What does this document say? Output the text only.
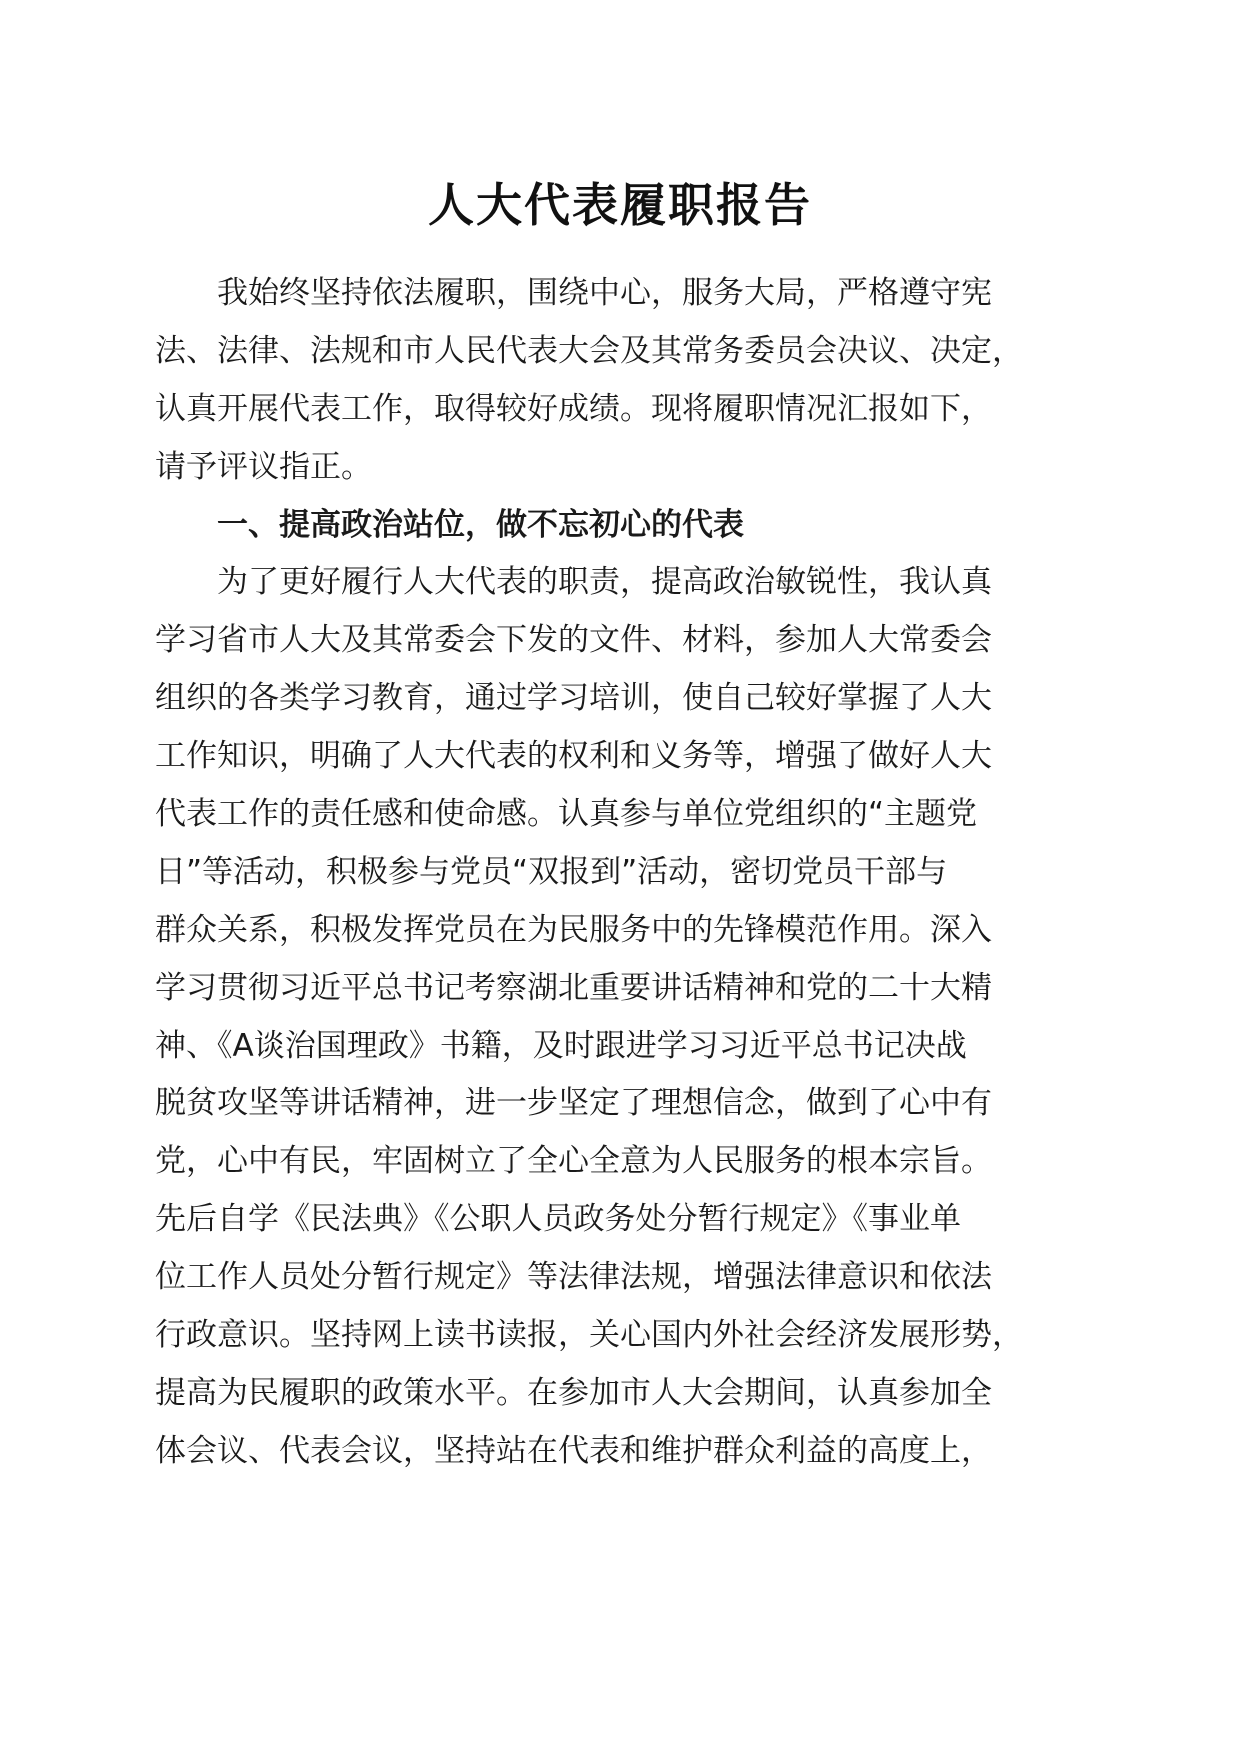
人大代表履职报告
　　我始终坚持依法履职，围绕中心，服务大局，严格遵守宪
法、法律、法规和市人民代表大会及其常务委员会决议、决定，
认真开展代表工作，取得较好成绩。现将履职情况汇报如下，
请予评议指正。
　　一、提高政治站位，做不忘初心的代表
　　为了更好履行人大代表的职责，提高政治敏锐性，我认真
学习省市人大及其常委会下发的文件、材料，参加人大常委会
组织的各类学习教育，通过学习培训，使自己较好掌握了人大
工作知识，明确了人大代表的权利和义务等，增强了做好人大
代表工作的责任感和使命感。认真参与单位党组织的“主题党
日”等活动，积极参与党员“双报到”活动，密切党员干部与
群众关系，积极发挥党员在为民服务中的先锋模范作用。深入
学习贯彻习近平总书记考察湖北重要讲话精神和党的二十大精
神、《A谈治国理政》书籍，及时跟进学习习近平总书记决战
脱贫攻坚等讲话精神，进一步坚定了理想信念，做到了心中有
党，心中有民，牢固树立了全心全意为人民服务的根本宗旨。
先后自学《民法典》《公职人员政务处分暂行规定》《事业单
位工作人员处分暂行规定》等法律法规，增强法律意识和依法
行政意识。坚持网上读书读报，关心国内外社会经济发展形势，
提高为民履职的政策水平。在参加市人大会期间，认真参加全
体会议、代表会议，坚持站在代表和维护群众利益的高度上，
